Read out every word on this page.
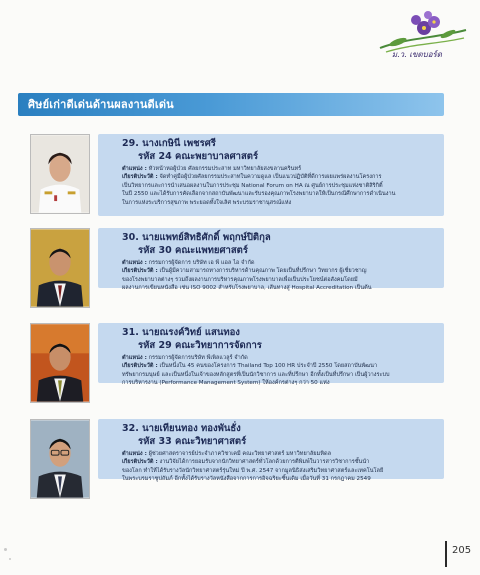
ม.ว. เขตบอร์ด
ศิษย์เก่าดีเด่นด้านผลงานดีเด่น
29. นางเกษินี เพชรศรี
รหัส 24 คณะพยาบาลศาสตร์
ตำแหน่ง : หัวหน้าหอผู้ป่วย ศัลยกรรมประสาท มหาวิทยาลัยสงขลานครินทร์
เกียรติประวัติ : จัดทำคู่มือผู้ป่วยศัลยกรรมประสาทในความดูแล เป็นแนวปฏิบัติที่ดีการเผยแพร่ผลงานโครงการ
เป็นวิทยากรและการนำเสนอผลงานในการประชุม National Forum on HA ณ ศูนย์การประชุมแห่งชาติสิริกิติ์
ในปี 2550 และได้รับการคัดเลือกจากสถาบันพัฒนาและรับรองคุณภาพโรงพยาบาลให้เป็นกรณีศึกษาการดำเนินงาน
ในการแห่งระบริการสุขภาพ พระยอดทั้งใจเลิศ พระบรมราชานุสรณ์แห่ง
30. นายแพทย์สิทธิศักดิ์ พฤกษ์ปิติกุล
รหัส 30 คณะแพทยศาสตร์
ตำแหน่ง : กรรมการผู้จัดการ บริษัท เอ พี แอล ไอ จำกัด
เกียรติประวัติ : เป็นผู้มีความสามารถทางการบริหารด้านคุณภาพ โดยเป็นที่ปรึกษา วิทยากร ผู้เชี่ยวชาญ
ของโรงพยาบาลต่างๆ รวมถึงผลงานการบริหารคุณภาพโรงพยาบาลเพื่อเป็นประโยชน์ต่อสังคมโดยมี
ผลงานการเขียนหนังสือ เช่น ISO 9002 สำหรับโรงพยาบาล, เส้นทางสู่ Hospital Accreditation เป็นต้น
31. นายณรงค์วิทย์ แสนทอง
รหัส 29 คณะวิทยาการจัดการ
ตำแหน่ง : กรรมการผู้จัดการบริษัท พีเพิลแวลูร์ จำกัด
เกียรติประวัติ : เป็นหนึ่งใน 45 คนของโครงการ Thailand Top 100 HR ประจำปี 2550 โดยสถาบันพัฒนา
ทรัพยากรมนุษย์ และเป็นหนึ่งในเจ้าของหลักสูตรที่เป็นนักวิชาการ และที่ปรึกษา อีกทั้งเป็นที่ปรึกษา เป็นผู้วางระบบ
การบริหารงาน (Performance Management System) ให้องค์กรต่างๆ กว่า 50 แห่ง
32. นายเทียนทอง ทองพันธั่ง
รหัส 33 คณะวิทยาศาสตร์
ตำแหน่ง : ผู้ช่วยศาสตราจารย์ประจำภาควิชาเคมี คณะวิทยาศาสตร์ มหาวิทยาลัยมหิดล
เกียรติประวัติ : งานวิจัยได้การยอมรับจากนักวิทยาศาสตร์ทั่วโลกด้วยการตีพิมพ์ในวารสารวิชาการชั้นนำ
ของโลก ทำให้ได้รับรางวัลนักวิทยาศาสตร์รุ่นใหม่ ปี พ.ศ. 2547 จากมูลนิธิส่งเสริมวิทยาศาสตร์และเทคโนโลยี
ในพระบรมราชูปถัมภ์ อีกทั้งได้รับรางวัลหนังสือจากการการอิจฉริยะชิ้นเดิม เมื่อวันที่ 31 กรกฎาคม 2549
205
